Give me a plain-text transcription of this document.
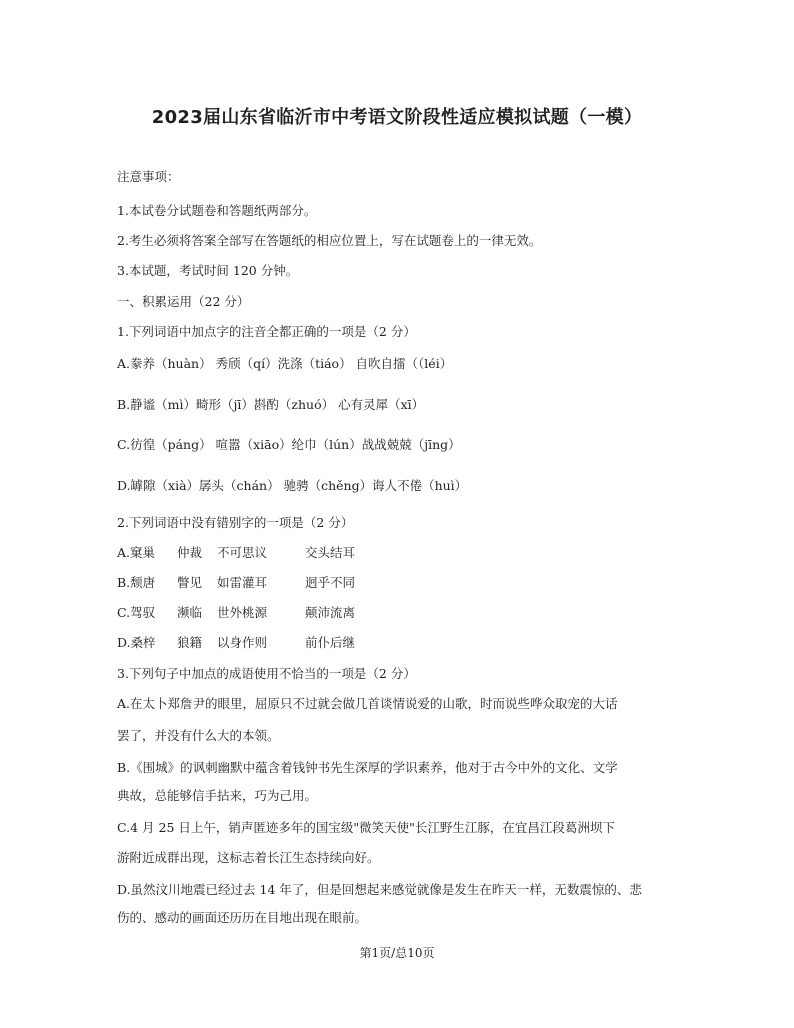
2023届山东省临沂市中考语文阶段性适应模拟试题（一模）
注意事项：
1.本试卷分试题卷和答题纸两部分。
2.考生必须将答案全部写在答题纸的相应位置上，写在试题卷上的一律无效。
3.本试题，考试时间 120 分钟。
一、积累运用（22 分）
1.下列词语中加点字的注音全都正确的一项是（2 分）
A.豢养（huàn） 秀颀（qí）洗涤（tiáo） 自吹自擂（（léi）
B.静谧（mì）畸形（jī）斟酌（zhuó） 心有灵犀（xī）
C.彷徨（páng） 喧嚣（xiāo）纶巾（lún）战战兢兢（jīng）
D.罅隙（xià）孱头（chán） 驰骋（chěng）诲人不倦（huì）
2.下列词语中没有错别字的一项是（2 分）
A.窠巢 仲裁 不可思议	交头结耳
B.颓唐 瞥见 如雷灌耳	迥乎不同
C.驾驭 濒临 世外桃源	颠沛流离
D.桑梓 狼籍 以身作则	前仆后继
3.下列句子中加点的成语使用不恰当的一项是（2 分）
A.在太卜郑詹尹的眼里，屈原只不过就会做几首谈情说爱的山歌，时而说些哗众取宠的大话
罢了，并没有什么大的本领。
B.《围城》的讽刺幽默中蕴含着钱钟书先生深厚的学识素养，他对于古今中外的文化、文学
典故，总能够信手拈来，巧为己用。
C.4 月 25 日上午，销声匿迹多年的国宝级"微笑天使"长江野生江豚，在宜昌江段葛洲坝下
游附近成群出现，这标志着长江生态持续向好。
D.虽然汶川地震已经过去 14 年了，但是回想起来感觉就像是发生在昨天一样，无数震惊的、悲
伤的、感动的画面还历历在目地出现在眼前。
第1页/总10页
